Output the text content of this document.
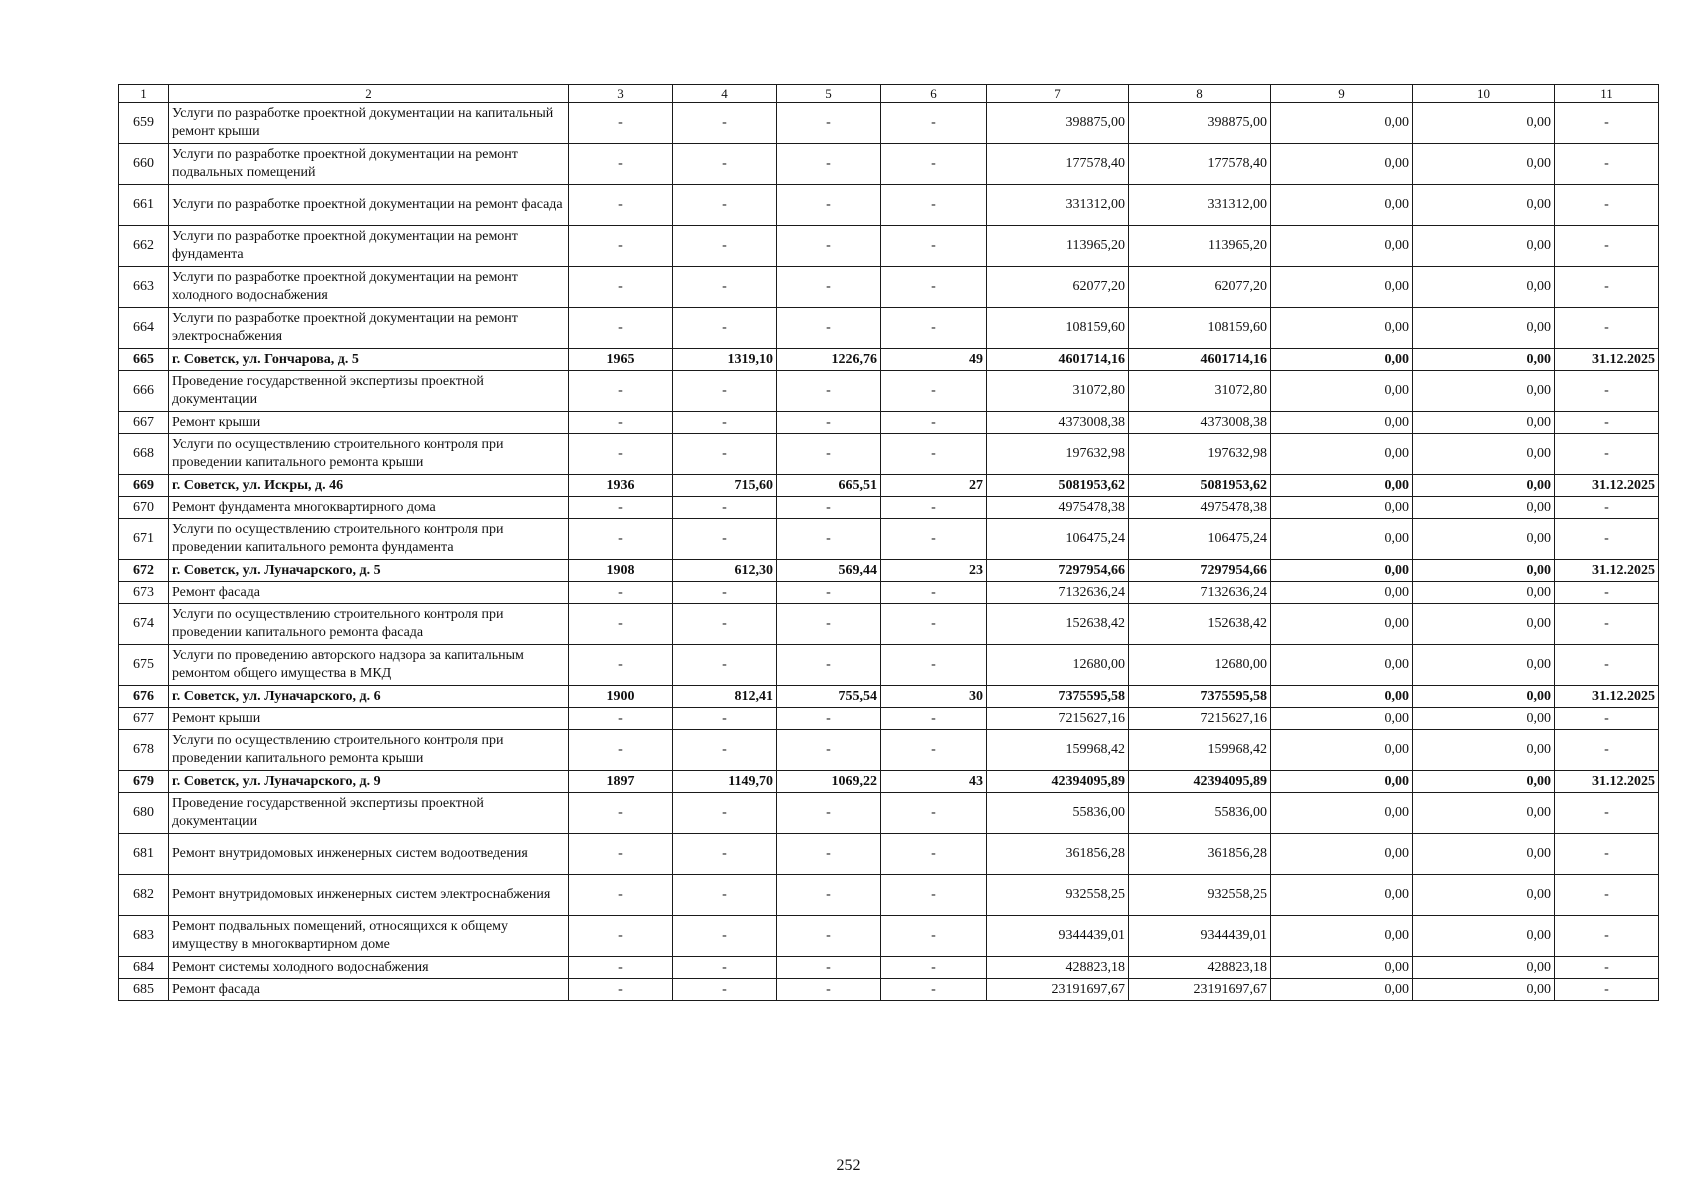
1	2	3	4	5	6	7	8	9	10	11
659	Услуги по разработке проектной документации на капитальный ремонт крыши	-	-	-	-	398875,00	398875,00	0,00	0,00	-
660	Услуги по разработке проектной документации на ремонт подвальных помещений	-	-	-	-	177578,40	177578,40	0,00	0,00	-
661	Услуги по разработке проектной документации на ремонт фасада	-	-	-	-	331312,00	331312,00	0,00	0,00	-
662	Услуги по разработке проектной документации на ремонт фундамента	-	-	-	-	113965,20	113965,20	0,00	0,00	-
663	Услуги по разработке проектной документации на ремонт холодного водоснабжения	-	-	-	-	62077,20	62077,20	0,00	0,00	-
664	Услуги по разработке проектной документации на ремонт электроснабжения	-	-	-	-	108159,60	108159,60	0,00	0,00	-
665	г. Советск, ул. Гончарова, д. 5	1965	1319,10	1226,76	49	4601714,16	4601714,16	0,00	0,00	31.12.2025
666	Проведение государственной экспертизы проектной документации	-	-	-	-	31072,80	31072,80	0,00	0,00	-
667	Ремонт крыши	-	-	-	-	4373008,38	4373008,38	0,00	0,00	-
668	Услуги по осуществлению строительного контроля при проведении капитального ремонта крыши	-	-	-	-	197632,98	197632,98	0,00	0,00	-
669	г. Советск, ул. Искры, д. 46	1936	715,60	665,51	27	5081953,62	5081953,62	0,00	0,00	31.12.2025
670	Ремонт фундамента многоквартирного дома	-	-	-	-	4975478,38	4975478,38	0,00	0,00	-
671	Услуги по осуществлению строительного контроля при проведении капитального ремонта фундамента	-	-	-	-	106475,24	106475,24	0,00	0,00	-
672	г. Советск, ул. Луначарского, д. 5	1908	612,30	569,44	23	7297954,66	7297954,66	0,00	0,00	31.12.2025
673	Ремонт фасада	-	-	-	-	7132636,24	7132636,24	0,00	0,00	-
674	Услуги по осуществлению строительного контроля при проведении капитального ремонта фасада	-	-	-	-	152638,42	152638,42	0,00	0,00	-
675	Услуги по проведению авторского надзора за капитальным ремонтом общего имущества в МКД	-	-	-	-	12680,00	12680,00	0,00	0,00	-
676	г. Советск, ул. Луначарского, д. 6	1900	812,41	755,54	30	7375595,58	7375595,58	0,00	0,00	31.12.2025
677	Ремонт крыши	-	-	-	-	7215627,16	7215627,16	0,00	0,00	-
678	Услуги по осуществлению строительного контроля при проведении капитального ремонта крыши	-	-	-	-	159968,42	159968,42	0,00	0,00	-
679	г. Советск, ул. Луначарского, д. 9	1897	1149,70	1069,22	43	42394095,89	42394095,89	0,00	0,00	31.12.2025
680	Проведение государственной экспертизы проектной документации	-	-	-	-	55836,00	55836,00	0,00	0,00	-
681	Ремонт внутридомовых инженерных систем водоотведения	-	-	-	-	361856,28	361856,28	0,00	0,00	-
682	Ремонт внутридомовых инженерных систем электроснабжения	-	-	-	-	932558,25	932558,25	0,00	0,00	-
683	Ремонт подвальных помещений, относящихся к общему имуществу в многоквартирном доме	-	-	-	-	9344439,01	9344439,01	0,00	0,00	-
684	Ремонт системы холодного водоснабжения	-	-	-	-	428823,18	428823,18	0,00	0,00	-
685	Ремонт фасада	-	-	-	-	23191697,67	23191697,67	0,00	0,00	-
252
